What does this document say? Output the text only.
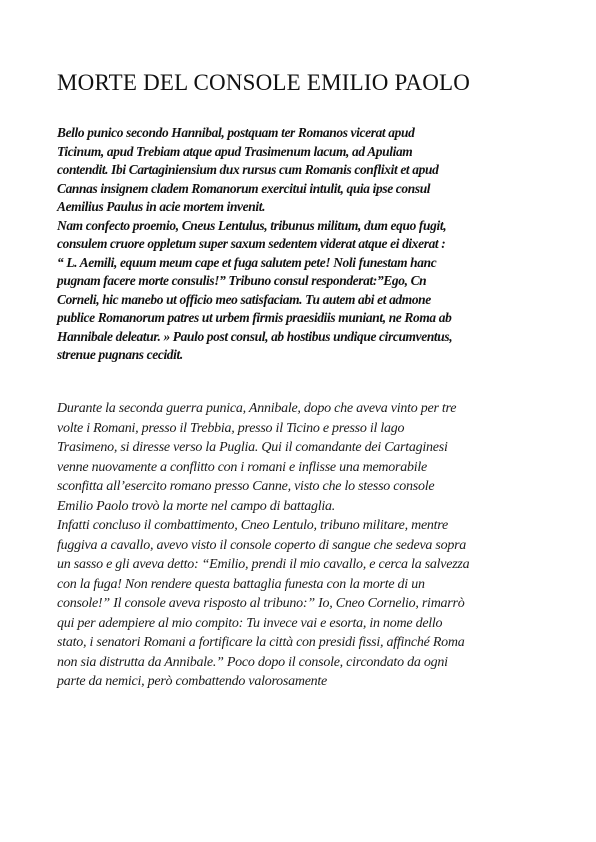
MORTE DEL CONSOLE EMILIO PAOLO
Bello punico secondo Hannibal, postquam ter Romanos vicerat apud
Ticinum, apud Trebiam atque apud Trasimenum lacum, ad Apuliam
contendit. Ibi Cartaginiensium dux rursus cum Romanis conflixit et apud
Cannas insignem cladem Romanorum exercitui intulit, quia ipse consul
Aemilius Paulus in acie mortem invenit.
Nam confecto proemio, Cneus Lentulus, tribunus militum, dum equo fugit,
consulem cruore oppletum super saxum sedentem viderat atque ei dixerat :
“ L. Aemili, equum meum cape et fuga salutem pete! Noli funestam hanc
pugnam facere morte consulis!” Tribuno consul responderat:”Ego, Cn
Corneli, hic manebo ut officio meo satisfaciam. Tu autem abi et admone
publice Romanorum patres ut urbem firmis praesidiis muniant, ne Roma ab
Hannibale deleatur. » Paulo post consul, ab hostibus undique circumventus,
strenue pugnans cecidit.
Durante la seconda guerra punica, Annibale, dopo che aveva vinto per tre
volte i Romani, presso il Trebbia, presso il Ticino e presso il lago
Trasimeno, si diresse verso la Puglia. Qui il comandante dei Cartaginesi
venne nuovamente a conflitto con i romani e inflisse una memorabile
sconfitta all’esercito romano presso Canne, visto che lo stesso console
Emilio Paolo trovò la morte nel campo di battaglia.
Infatti concluso il combattimento, Cneo Lentulo, tribuno militare, mentre
fuggiva a cavallo, avevo visto il console coperto di sangue che sedeva sopra
un sasso e gli aveva detto: “Emilio, prendi il mio cavallo, e cerca la salvezza
con la fuga! Non rendere questa battaglia funesta con la morte di un
console!” Il console aveva risposto al tribuno:” Io, Cneo Cornelio, rimarrò
qui per adempiere al mio compito: Tu invece vai e esorta, in nome dello
stato, i senatori Romani a fortificare la città con presidi fissi, affinché Roma
non sia distrutta da Annibale.” Poco dopo il console, circondato da ogni
parte da nemici, però combattendo valorosamente
